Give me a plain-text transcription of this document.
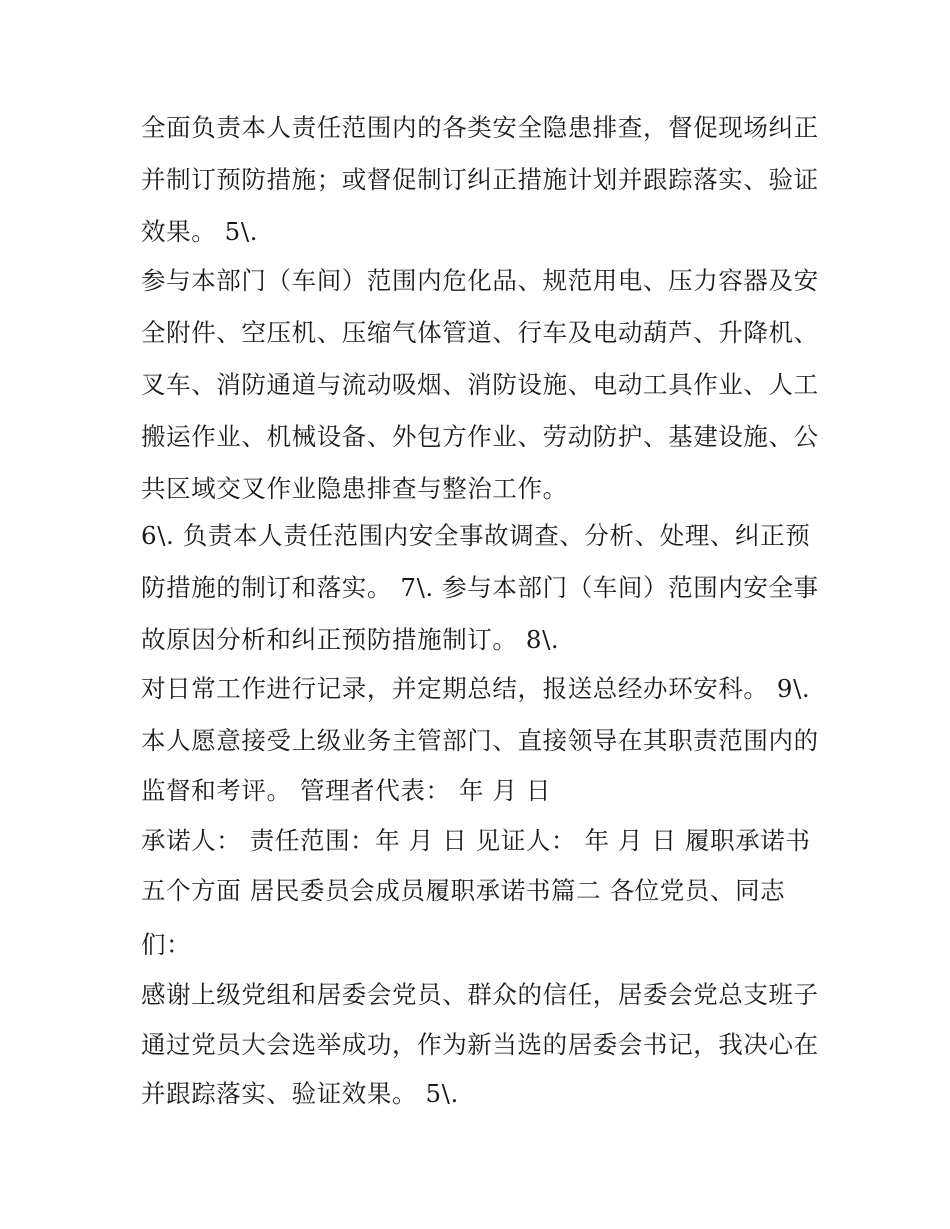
全面负责本人责任范围内的各类安全隐患排查，督促现场纠正
并制订预防措施；或督促制订纠正措施计划并跟踪落实、验证
效果。 5\.
参与本部门（车间）范围内危化品、规范用电、压力容器及安
全附件、空压机、压缩气体管道、行车及电动葫芦、升降机、
叉车、消防通道与流动吸烟、消防设施、电动工具作业、人工
搬运作业、机械设备、外包方作业、劳动防护、基建设施、公
共区域交叉作业隐患排查与整治工作。
6\. 负责本人责任范围内安全事故调查、分析、处理、纠正预
防措施的制订和落实。 7\. 参与本部门（车间）范围内安全事
故原因分析和纠正预防措施制订。 8\.
对日常工作进行记录，并定期总结，报送总经办环安科。 9\.
本人愿意接受上级业务主管部门、直接领导在其职责范围内的
监督和考评。 管理者代表： 年 月 日
承诺人： 责任范围：年 月 日 见证人： 年 月 日 履职承诺书
五个方面 居民委员会成员履职承诺书篇二 各位党员、同志
们：
感谢上级党组和居委会党员、群众的信任，居委会党总支班子
通过党员大会选举成功，作为新当选的居委会书记，我决心在
并跟踪落实、验证效果。 5\.
